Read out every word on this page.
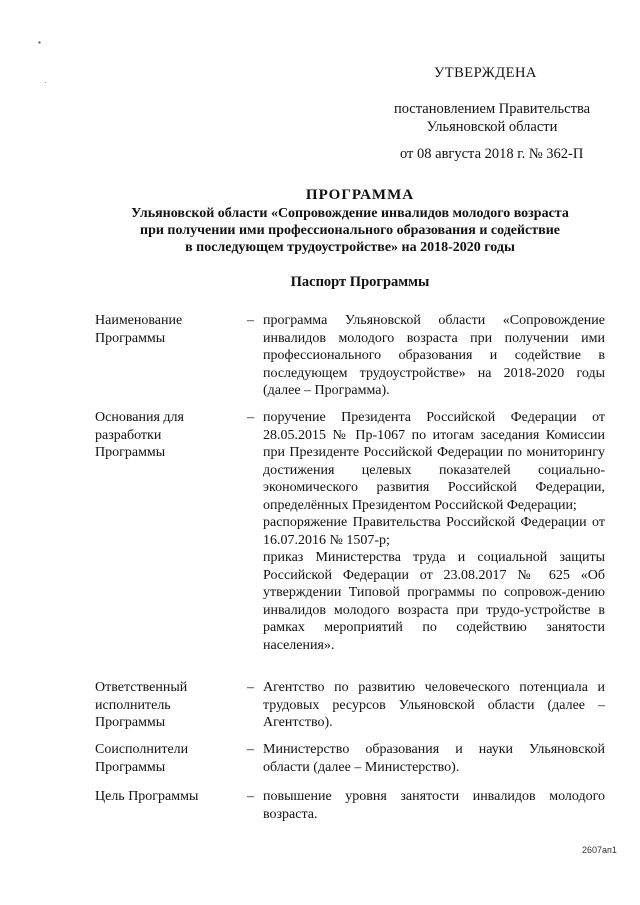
УТВЕРЖДЕНА
постановлением Правительства
Ульяновской области
от 08 августа 2018 г. № 362-П
ПРОГРАММА
Ульяновской области «Сопровождение инвалидов молодого возраста
при получении ими профессионального образования и содействие
в последующем трудоустройстве» на 2018-2020 годы
Паспорт Программы
Наименование
Программы
– программа Ульяновской области «Сопровождение инвалидов молодого возраста при получении ими профессионального образования и содействие в последующем трудоустройстве» на 2018-2020 годы (далее – Программа).

Основания для
разработки
Программы
– поручение Президента Российской Федерации от 28.05.2015 № Пр-1067 по итогам заседания Комиссии при Президенте Российской Федерации по мониторингу достижения целевых показателей социально-экономического развития Российской Федерации, определённых Президентом Российской Федерации;

распоряжение Правительства Российской Федерации от 16.07.2016 № 1507-р;

приказ Министерства труда и социальной защиты Российской Федерации от 23.08.2017 № 625 «Об утверждении Типовой программы по сопровож-дению инвалидов молодого возраста при трудо-устройстве в рамках мероприятий по содействию занятости населения».

Ответственный
исполнитель
Программы
– Агентство по развитию человеческого потенциала и трудовых ресурсов Ульяновской области (далее – Агентство).

Соисполнители
Программы
– Министерство образования и науки Ульяновской области (далее – Министерство).

Цель Программы	– повышение уровня занятости инвалидов молодого возраста.

2607ап1
▪
·
